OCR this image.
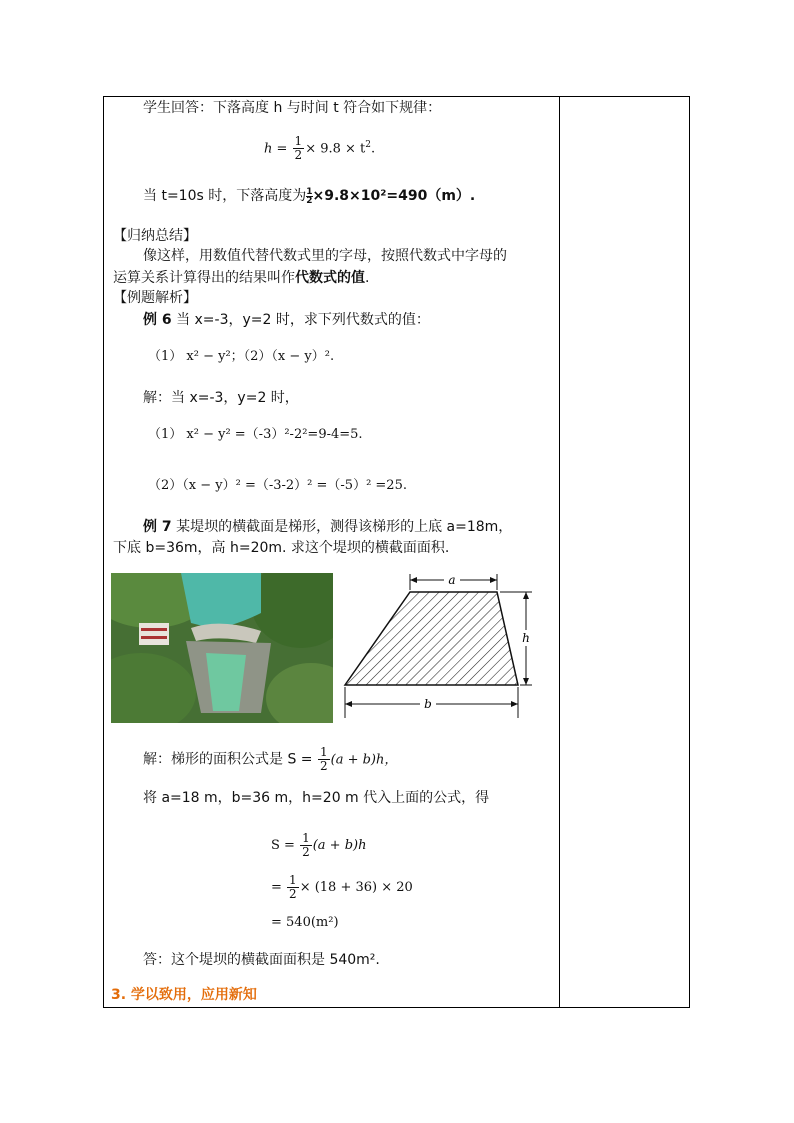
学生回答：下落高度 h 与时间 t 符合如下规律：
$h = \frac{1}{2} \times 9.8 \times t^2$.
当 t=10s 时，下落高度为 $\frac{1}{2} \times 9.8\times 10^2=490(m)$.
【归纳总结】
像这样，用数值代替代数式里的字母，按照代数式中字母的
运算关系计算得出的结果叫作代数式的值.
【例题解析】
例 6 当 x=-3，y=2 时，求下列代数式的值：
（1） x² − y²；（2）（x − y）².
解：当 x=-3，y=2 时，
（1） x² − y² =（-3）²-2²=9-4=5.
（2）（x − y）² =（-3-2）² =（-5）² =25.
例 7 某堤坝的横截面是梯形，测得该梯形的上底 a=18m，
下底 b=36m，高 h=20m. 求这个堤坝的横截面面积.
a
h
b
解：梯形的面积公式是 $S = \frac{1}{2} (a + b)h$，
将 a=18 m，b=36 m，h=20 m 代入上面的公式，得
$S = \frac{1}{2} (a + b)h$
= $\frac{1}{2} \times (18 + 36) \times 20$
= 540(m²)
答：这个堤坝的横截面面积是 540m².
3. 学以致用，应用新知
